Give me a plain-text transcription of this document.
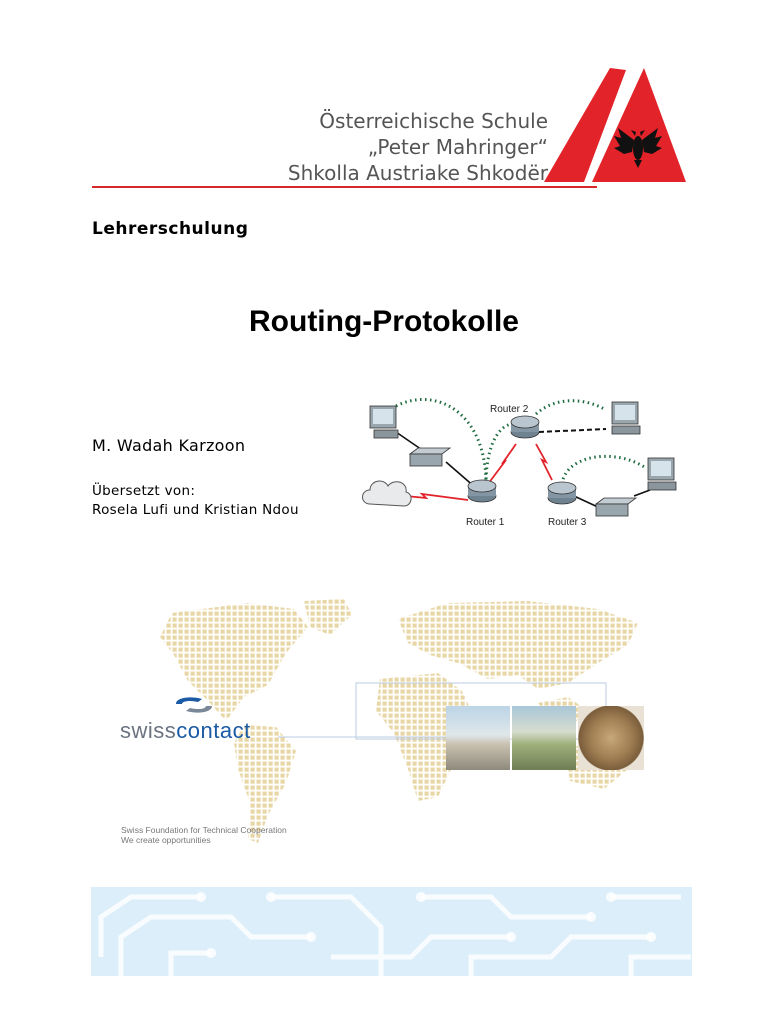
Österreichische Schule
„Peter Mahringer“
Shkolla Austriake Shkodër
Lehrerschulung
Routing-Protokolle
M. Wadah Karzoon
Übersetzt von:
Rosela Lufi und Kristian Ndou
Router 2
Router 1	Router 3
swisscontact
Swiss Foundation for Technical Cooperation
We create opportunities
